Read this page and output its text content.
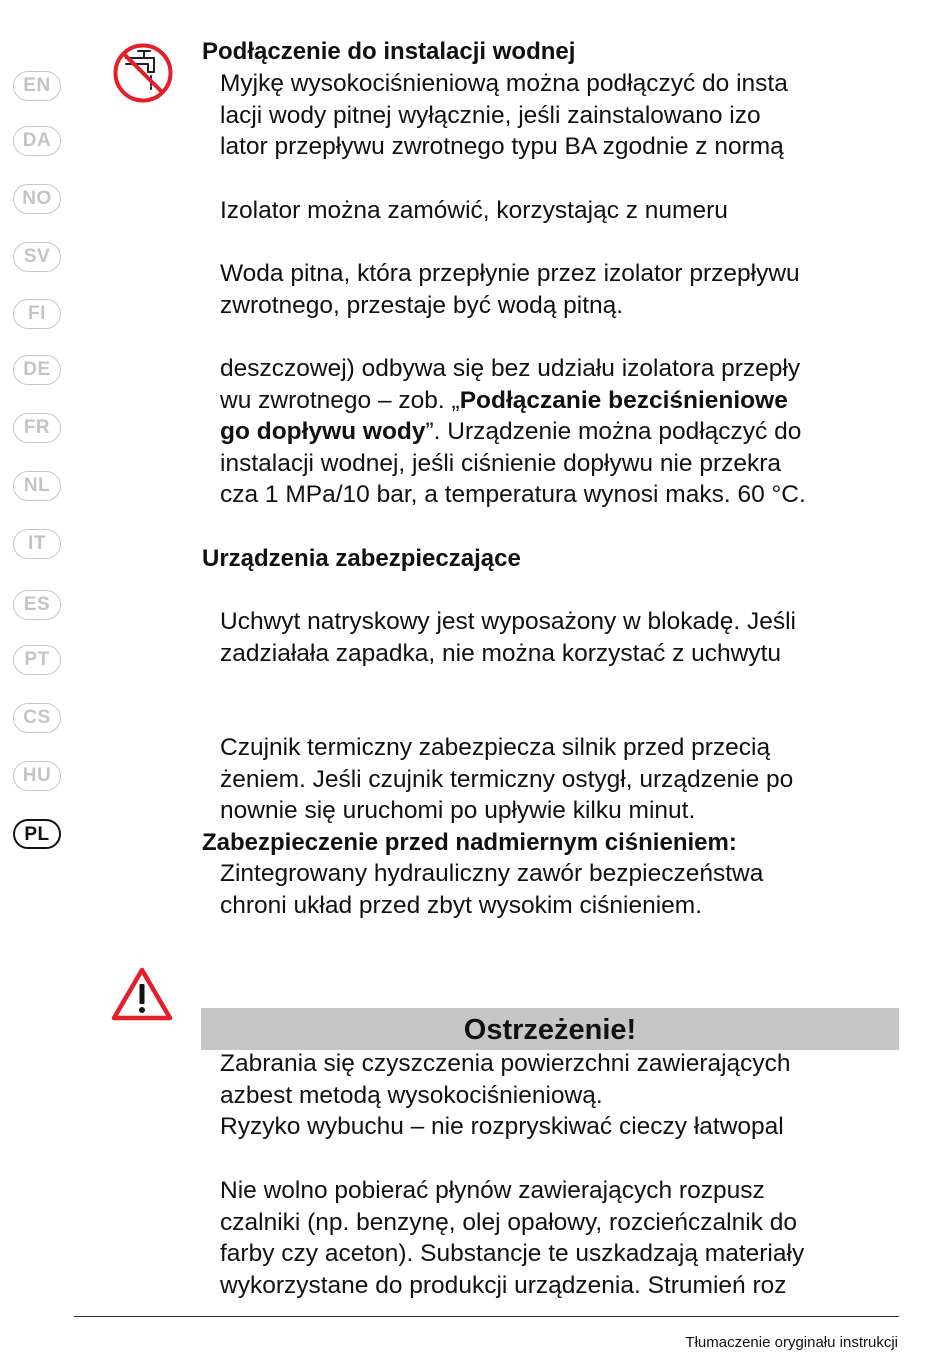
EN
DA
NO
SV
FI
DE
FR
NL
IT
ES
PT
CS
HU
PL
Podłączenie do instalacji wodnej
Myjkę wysokociśnieniową można podłączyć do insta
lacji wody pitnej wyłącznie, jeśli zainstalowano izo
lator przepływu zwrotnego typu BA zgodnie z normą
Izolator można zamówić, korzystając z numeru
Woda pitna, która przepłynie przez izolator przepływu
zwrotnego, przestaje być wodą pitną.
deszczowej) odbywa się bez udziału izolatora przepły
wu zwrotnego – zob. „Podłączanie bezciśnieniowe
go dopływu wody”. Urządzenie można podłączyć do
instalacji wodnej, jeśli ciśnienie dopływu nie przekra
cza 1 MPa/10 bar, a temperatura wynosi maks. 60 °C.
Urządzenia zabezpieczające
Uchwyt natryskowy jest wyposażony w blokadę. Jeśli
zadziałała zapadka, nie można korzystać z uchwytu
Czujnik termiczny zabezpiecza silnik przed przecią
żeniem. Jeśli czujnik termiczny ostygł, urządzenie po
nownie się uruchomi po upływie kilku minut.
Zabezpieczenie przed nadmiernym ciśnieniem:
Zintegrowany hydrauliczny zawór bezpieczeństwa
chroni układ przed zbyt wysokim ciśnieniem.
Ostrzeżenie!
Zabrania się czyszczenia powierzchni zawierających
azbest metodą wysokociśnieniową.
Ryzyko wybuchu – nie rozpryskiwać cieczy łatwopal
Nie wolno pobierać płynów zawierających rozpusz
czalniki (np. benzynę, olej opałowy, rozcieńczalnik do
farby czy aceton). Substancje te uszkadzają materiały
wykorzystane do produkcji urządzenia. Strumień roz
Tłumaczenie oryginału instrukcji
